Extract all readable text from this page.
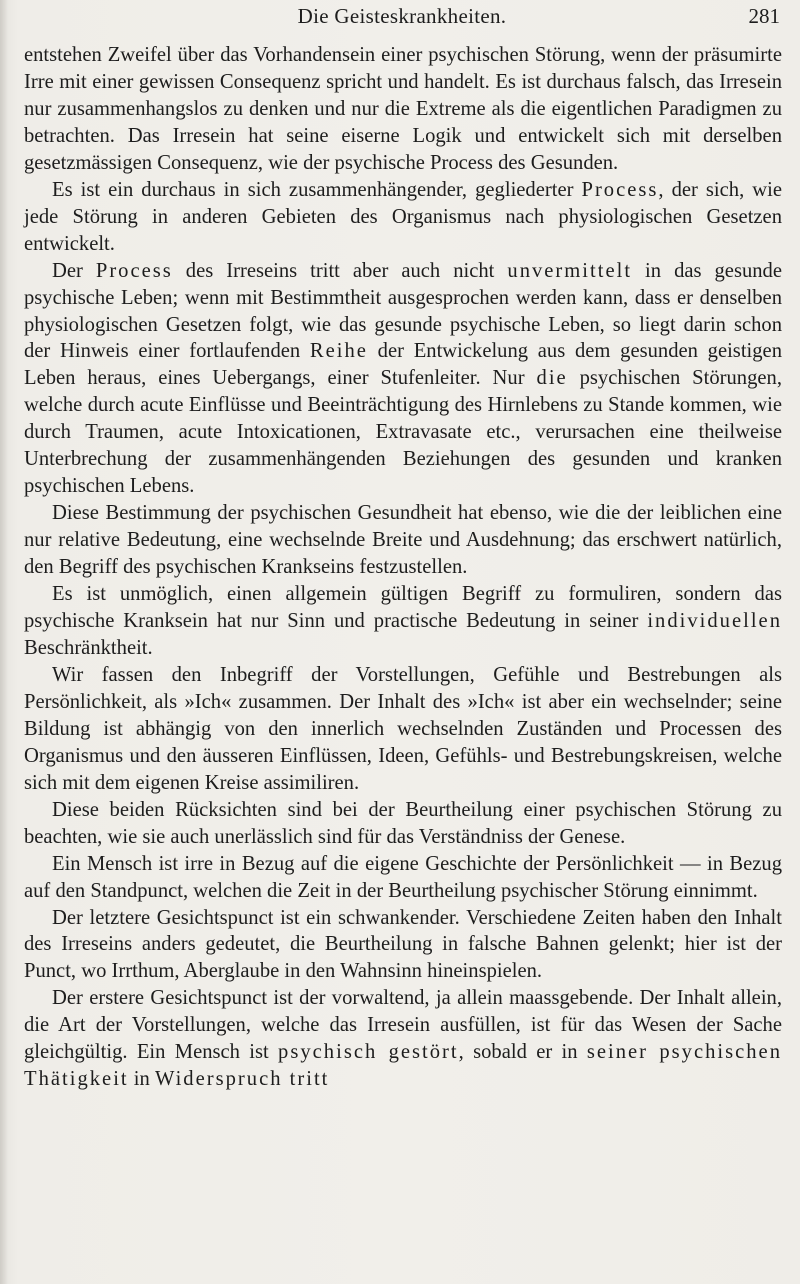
Die Geisteskrankheiten.	281

entstehen Zweifel über das Vorhandensein einer psychischen Störung, wenn der präsumirte Irre mit einer gewissen Consequenz spricht und handelt. Es ist durchaus falsch, das Irresein nur zusammenhangslos zu denken und nur die Extreme als die eigentlichen Paradigmen zu betrachten. Das Irresein hat seine eiserne Logik und entwickelt sich mit derselben gesetzmässigen Consequenz, wie der psychische Process des Gesunden.

Es ist ein durchaus in sich zusammenhängender, gegliederter Process, der sich, wie jede Störung in anderen Gebieten des Organismus nach physiologischen Gesetzen entwickelt.

Der Process des Irreseins tritt aber auch nicht unvermittelt in das gesunde psychische Leben; wenn mit Bestimmtheit ausgesprochen werden kann, dass er denselben physiologischen Gesetzen folgt, wie das gesunde psychische Leben, so liegt darin schon der Hinweis einer fortlaufenden Reihe der Entwickelung aus dem gesunden geistigen Leben heraus, eines Uebergangs, einer Stufenleiter. Nur die psychischen Störungen, welche durch acute Einflüsse und Beeinträchtigung des Hirnlebens zu Stande kommen, wie durch Traumen, acute Intoxicationen, Extravasate etc., verursachen eine theilweise Unterbrechung der zusammenhängenden Beziehungen des gesunden und kranken psychischen Lebens.

Diese Bestimmung der psychischen Gesundheit hat ebenso, wie die der leiblichen eine nur relative Bedeutung, eine wechselnde Breite und Ausdehnung; das erschwert natürlich, den Begriff des psychischen Krankseins festzustellen.

Es ist unmöglich, einen allgemein gültigen Begriff zu formuliren, sondern das psychische Kranksein hat nur Sinn und practische Bedeutung in seiner individuellen Beschränktheit.

Wir fassen den Inbegriff der Vorstellungen, Gefühle und Bestrebungen als Persönlichkeit, als »Ich« zusammen. Der Inhalt des »Ich« ist aber ein wechselnder; seine Bildung ist abhängig von den innerlich wechselnden Zuständen und Processen des Organismus und den äusseren Einflüssen, Ideen, Gefühls- und Bestrebungskreisen, welche sich mit dem eigenen Kreise assimiliren.

Diese beiden Rücksichten sind bei der Beurtheilung einer psychischen Störung zu beachten, wie sie auch unerlässlich sind für das Verständniss der Genese.

Ein Mensch ist irre in Bezug auf die eigene Geschichte der Persönlichkeit — in Bezug auf den Standpunct, welchen die Zeit in der Beurtheilung psychischer Störung einnimmt.

Der letztere Gesichtspunct ist ein schwankender. Verschiedene Zeiten haben den Inhalt des Irreseins anders gedeutet, die Beurtheilung in falsche Bahnen gelenkt; hier ist der Punct, wo Irrthum, Aberglaube in den Wahnsinn hineinspielen.

Der erstere Gesichtspunct ist der vorwaltend, ja allein maassgebende. Der Inhalt allein, die Art der Vorstellungen, welche das Irresein ausfüllen, ist für das Wesen der Sache gleichgültig. Ein Mensch ist psychisch gestört, sobald er in seiner psychischen Thätigkeit in Widerspruch tritt
